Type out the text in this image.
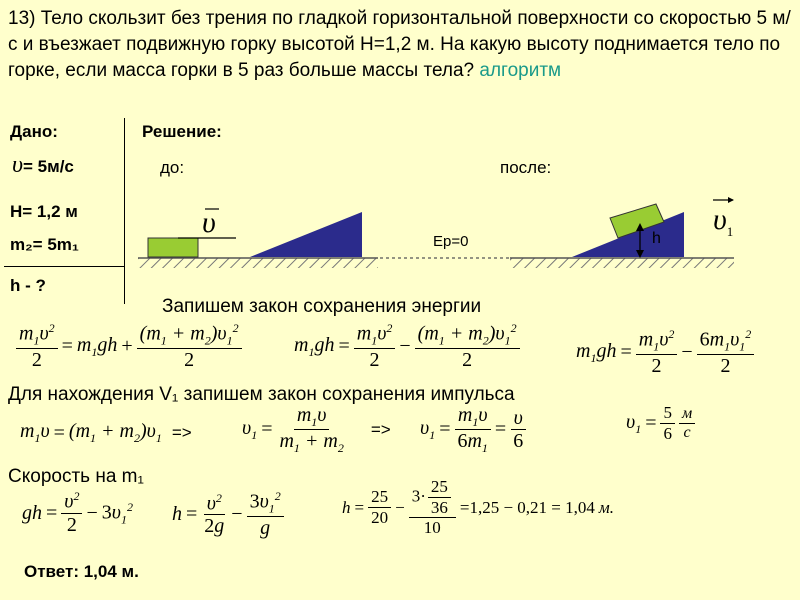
13) Тело скользит без трения по гладкой горизонтальной поверхности со скоростью 5 м/с и въезжает подвижную горку высотой Н=1,2 м. На какую высоту поднимается тело по горке, если масса горки в 5 раз больше массы тела? алгоритм
Дано:
υ= 5м/с
Н= 1,2 м
m₂= 5m₁
h - ?
Решение:
до:	после:
υ	$\upsilon_1$
Ep=0	h
Запишем закон сохранения энергии
$\frac{m_1\upsilon^2}{2} = m_1gh + \frac{(m_1 + m_2)\upsilon_1^2}{2}$	$m_1gh = \frac{m_1\upsilon^2}{2} - \frac{(m_1 + m_2)\upsilon_1^2}{2}$	$m_1gh = \frac{m_1\upsilon^2}{2} - \frac{6m_1\upsilon_1^2}{2}$
Для нахождения V₁ запишем закон сохранения импульса
$m_1\upsilon = (m_1 + m_2)\upsilon_1$ =>	$\upsilon_1 = \frac{m_1\upsilon}{m_1 + m_2} => \upsilon_1 = \frac{m_1\upsilon}{6m_1} = \frac{\upsilon}{6}$	$\upsilon_1 = \frac{5}{6} \frac{м}{с}$
Скорость на m₁
gh = $\frac{\upsilon^2}{2} - 3\upsilon_1^2$ $h = \frac{\upsilon^2}{2g} - \frac{3\upsilon_1^2}{g}$	$h = \frac{25}{20} - \frac{3\cdot \frac{25}{36}}{10} =1,25 - 0,21 = 1,04$ м.
Ответ: 1,04 м.
